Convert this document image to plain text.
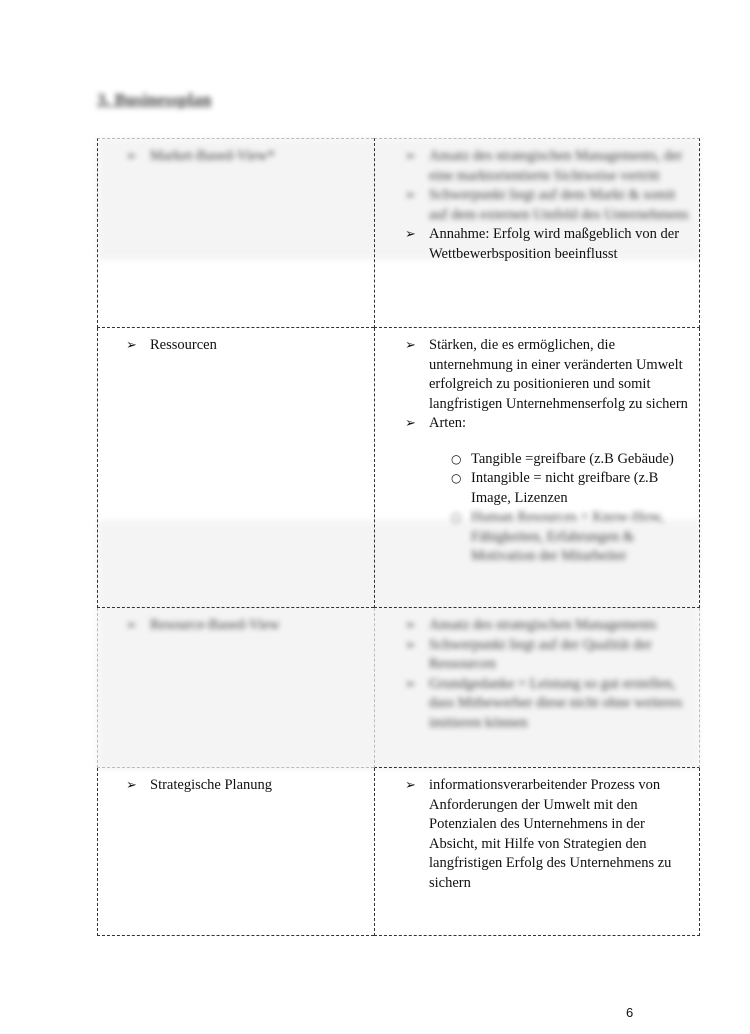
3. Businessplan

➢ Market-Based-View*	➢ Ansatz des strategischen Managements, der eine marktorientierte Sichtweise vertritt

➢ Schwerpunkt liegt auf dem Markt & somit auf dem externen Umfeld des Unternehmens

➢ Annahme: Erfolg wird maßgeblich von der Wettbewerbsposition beeinflusst

➢ Ressourcen	➢ Stärken, die es ermöglichen, die unternehmung in einer veränderten Umwelt erfolgreich zu positionieren und somit langfristigen Unternehmenserfolg zu sichern

➢ Arten:

○ Tangible =greifbare (z.B Gebäude)
○ Intangible = nicht greifbare (z.B Image, Lizenzen
○ Human Resources = Know-How, Fähigkeiten, Erfahrungen & Motivation der Mitarbeiter

➢ Resource-Based-View	➢ Ansatz des strategischen Managements

➢ Schwerpunkt liegt auf der Qualität der Ressourcen

➢ Grundgedanke = Leistung so gut erstellen, dass Mitbewerber diese nicht ohne weiteres imitieren können

➢ Strategische Planung	➢ informationsverarbeitender Prozess von Anforderungen der Umwelt mit den Potenzialen des Unternehmens in der Absicht, mit Hilfe von Strategien den langfristigen Erfolg des Unternehmens zu sichern

6
